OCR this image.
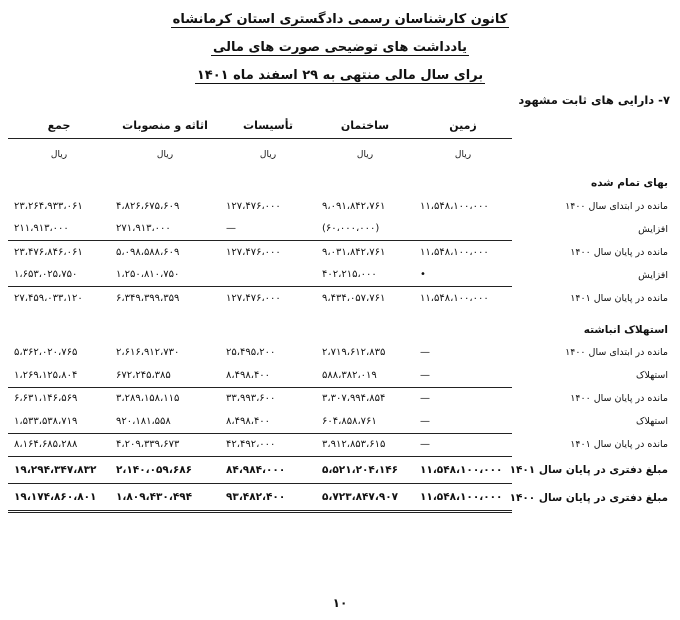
کانون کارشناسان رسمی دادگستری استان کرمانشاه
یادداشت های توضیحی صورت های مالی
برای سال مالی منتهی به ۲۹ اسفند ماه ۱۴۰۱
۷- دارایی های ثابت مشهود
	زمین	ساختمان	تأسیسات	اثاثه و منصوبات	جمع
	ریال	ریال	ریال	ریال	ریال
بهای تمام شده					
مانده در ابتدای سال ۱۴۰۰	۱۱،۵۴۸،۱۰۰،۰۰۰	۹،۰۹۱،۸۴۲،۷۶۱	۱۲۷،۴۷۶،۰۰۰	۴،۸۲۶،۶۷۵،۶۰۹	۲۳،۲۶۴،۹۳۳،۰۶۱
افزایش		(۶۰،۰۰۰،۰۰۰)	—	۲۷۱،۹۱۳،۰۰۰	۲۱۱،۹۱۳،۰۰۰
مانده در پایان سال ۱۴۰۰	۱۱،۵۴۸،۱۰۰،۰۰۰	۹،۰۳۱،۸۴۲،۷۶۱	۱۲۷،۴۷۶،۰۰۰	۵،۰۹۸،۵۸۸،۶۰۹	۲۳،۴۷۶،۸۴۶،۰۶۱
افزایش	•	۴۰۲،۲۱۵،۰۰۰		۱،۲۵۰،۸۱۰،۷۵۰	۱،۶۵۳،۰۲۵،۷۵۰
مانده در پایان سال ۱۴۰۱	۱۱،۵۴۸،۱۰۰،۰۰۰	۹،۴۳۴،۰۵۷،۷۶۱	۱۲۷،۴۷۶،۰۰۰	۶،۳۴۹،۳۹۹،۳۵۹	۲۷،۴۵۹،۰۳۳،۱۲۰

استهلاک انباشته					
مانده در ابتدای سال ۱۴۰۰	—	۲،۷۱۹،۶۱۲،۸۳۵	۲۵،۴۹۵،۲۰۰	۲،۶۱۶،۹۱۲،۷۳۰	۵،۳۶۲،۰۲۰،۷۶۵
استهلاک	—	۵۸۸،۳۸۲،۰۱۹	۸،۴۹۸،۴۰۰	۶۷۲،۲۴۵،۳۸۵	۱،۲۶۹،۱۲۵،۸۰۴
مانده در پایان سال ۱۴۰۰	—	۳،۳۰۷،۹۹۴،۸۵۴	۳۳،۹۹۳،۶۰۰	۳،۲۸۹،۱۵۸،۱۱۵	۶،۶۳۱،۱۴۶،۵۶۹
استهلاک	—	۶۰۴،۸۵۸،۷۶۱	۸،۴۹۸،۴۰۰	۹۲۰،۱۸۱،۵۵۸	۱،۵۳۳،۵۳۸،۷۱۹
مانده در پایان سال ۱۴۰۱	—	۳،۹۱۲،۸۵۳،۶۱۵	۴۲،۴۹۲،۰۰۰	۴،۲۰۹،۳۳۹،۶۷۳	۸،۱۶۴،۶۸۵،۲۸۸
مبلغ دفتری در پایان سال ۱۴۰۱	۱۱،۵۴۸،۱۰۰،۰۰۰	۵،۵۲۱،۲۰۴،۱۴۶	۸۴،۹۸۴،۰۰۰	۲،۱۴۰،۰۵۹،۶۸۶	۱۹،۲۹۴،۳۴۷،۸۳۲
مبلغ دفتری در پایان سال ۱۴۰۰	۱۱،۵۴۸،۱۰۰،۰۰۰	۵،۷۲۳،۸۴۷،۹۰۷	۹۳،۴۸۲،۴۰۰	۱،۸۰۹،۴۳۰،۴۹۴	۱۹،۱۷۴،۸۶۰،۸۰۱
۱۰
